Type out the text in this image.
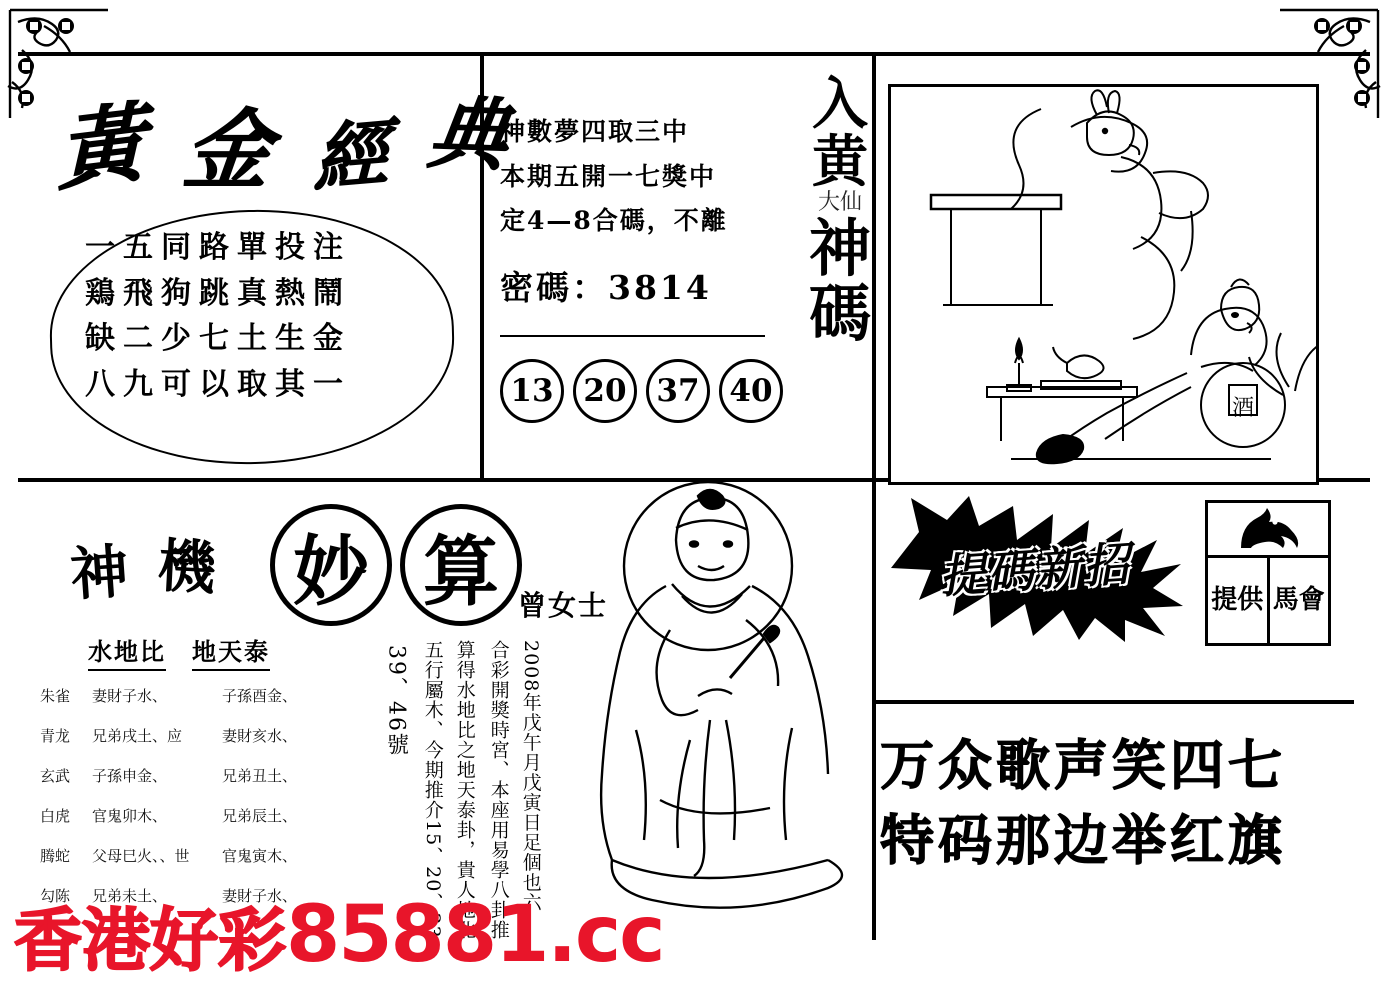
黃 金 經 典
一五同路單投注
鶏飛狗跳真熱鬧
缺二少七土生金
八九可以取其一
神數夢四取三中
本期五開一七獎中
定4—8合碼，不離
密碼：3814
13 20 37 40
入黄
大仙
神碼
酒
神 機 妙 算 曾女士
水地比 地天泰
朱雀	妻財子水、	子孫酉金、
青龙	兄弟戌土、应	妻財亥水、
玄武	子孫申金、	兄弟丑土、
白虎	官鬼卯木、	兄弟辰土、
腾蛇	父母巳火、、世	官鬼寅木、
勾陈	兄弟未土、	妻財子水、
39、46號 五行屬木、今期推介15、20、33 算得水地比之地天泰卦，貴人地北 合彩開獎時宮、本座用易學八卦推 2008年戊午月戊寅日足個也六
提碼新招	提供 馬會
万众歌声笑四七
特码那边举红旗
香港好彩 85881.cc
